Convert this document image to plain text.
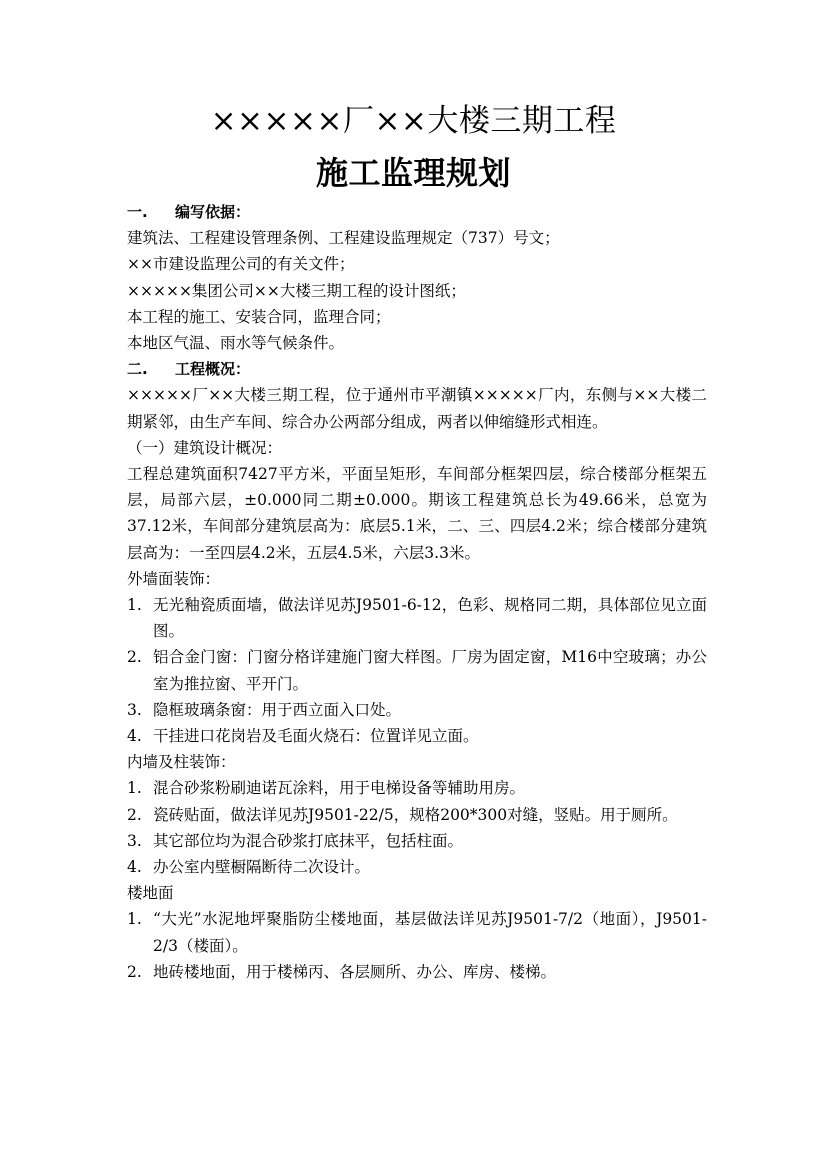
×××××厂××大楼三期工程
施工监理规划
一. 编写依据：
建筑法、工程建设管理条例、工程建设监理规定（737）号文；
××市建设监理公司的有关文件；
×××××集团公司××大楼三期工程的设计图纸；
本工程的施工、安装合同，监理合同；
本地区气温、雨水等气候条件。
二. 工程概况：
×××××厂××大楼三期工程，位于通州市平潮镇×××××厂内，东侧与××大楼二期紧邻，由生产车间、综合办公两部分组成，两者以伸缩缝形式相连。
（一）建筑设计概况：
工程总建筑面积7427平方米，平面呈矩形，车间部分框架四层，综合楼部分框架五层，局部六层，±0.000同二期±0.000。期该工程建筑总长为49.66米，总宽为37.12米，车间部分建筑层高为：底层5.1米，二、三、四层4.2米；综合楼部分建筑层高为：一至四层4.2米，五层4.5米，六层3.3米。
外墙面装饰：
1. 无光釉瓷质面墙，做法详见苏J9501-6-12，色彩、规格同二期，具体部位见立面图。
2. 铝合金门窗：门窗分格详建施门窗大样图。厂房为固定窗，M16中空玻璃；办公室为推拉窗、平开门。
3. 隐框玻璃条窗：用于西立面入口处。
4. 干挂进口花岗岩及毛面火烧石：位置详见立面。
内墙及柱装饰：
1. 混合砂浆粉刷迪诺瓦涂料，用于电梯设备等辅助用房。
2. 瓷砖贴面，做法详见苏J9501-22/5，规格200*300对缝，竖贴。用于厕所。
3. 其它部位均为混合砂浆打底抹平，包括柱面。
4. 办公室内壁橱隔断待二次设计。
楼地面
1. “大光”水泥地坪聚脂防尘楼地面，基层做法详见苏J9501-7/2（地面），J9501-2/3（楼面）。
2. 地砖楼地面，用于楼梯丙、各层厕所、办公、库房、楼梯。
